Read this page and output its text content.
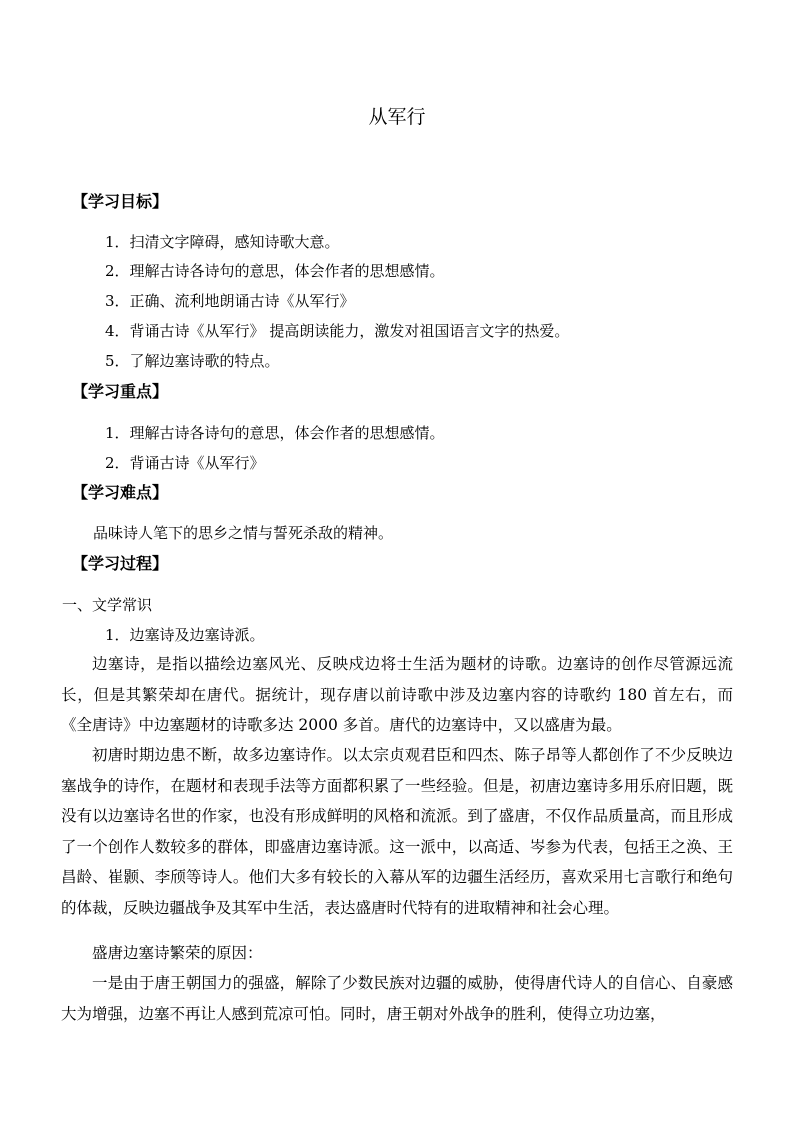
从军行
【学习目标】
1．扫清文字障碍，感知诗歌大意。
2．理解古诗各诗句的意思，体会作者的思想感情。
3．正确、流利地朗诵古诗《从军行》
4．背诵古诗《从军行》 提高朗读能力，激发对祖国语言文字的热爱。
5．了解边塞诗歌的特点。
【学习重点】
1．理解古诗各诗句的意思，体会作者的思想感情。
2．背诵古诗《从军行》
【学习难点】
品味诗人笔下的思乡之情与誓死杀敌的精神。
【学习过程】
一、文学常识
1．边塞诗及边塞诗派。

边塞诗，是指以描绘边塞风光、反映戍边将士生活为题材的诗歌。边塞诗的创作尽管源远流长，但是其繁荣却在唐代。据统计，现存唐以前诗歌中涉及边塞内容的诗歌约 180 首左右，而《全唐诗》中边塞题材的诗歌多达 2000 多首。唐代的边塞诗中，又以盛唐为最。

初唐时期边患不断，故多边塞诗作。以太宗贞观君臣和四杰、陈子昂等人都创作了不少反映边塞战争的诗作，在题材和表现手法等方面都积累了一些经验。但是，初唐边塞诗多用乐府旧题，既没有以边塞诗名世的作家，也没有形成鲜明的风格和流派。到了盛唐，不仅作品质量高，而且形成了一个创作人数较多的群体，即盛唐边塞诗派。这一派中，以高适、岑参为代表，包括王之涣、王昌龄、崔颢、李颀等诗人。他们大多有较长的入幕从军的边疆生活经历，喜欢采用七言歌行和绝句的体裁，反映边疆战争及其军中生活，表达盛唐时代特有的进取精神和社会心理。

盛唐边塞诗繁荣的原因：

一是由于唐王朝国力的强盛，解除了少数民族对边疆的威胁，使得唐代诗人的自信心、自豪感大为增强，边塞不再让人感到荒凉可怕。同时，唐王朝对外战争的胜利，使得立功边塞，
